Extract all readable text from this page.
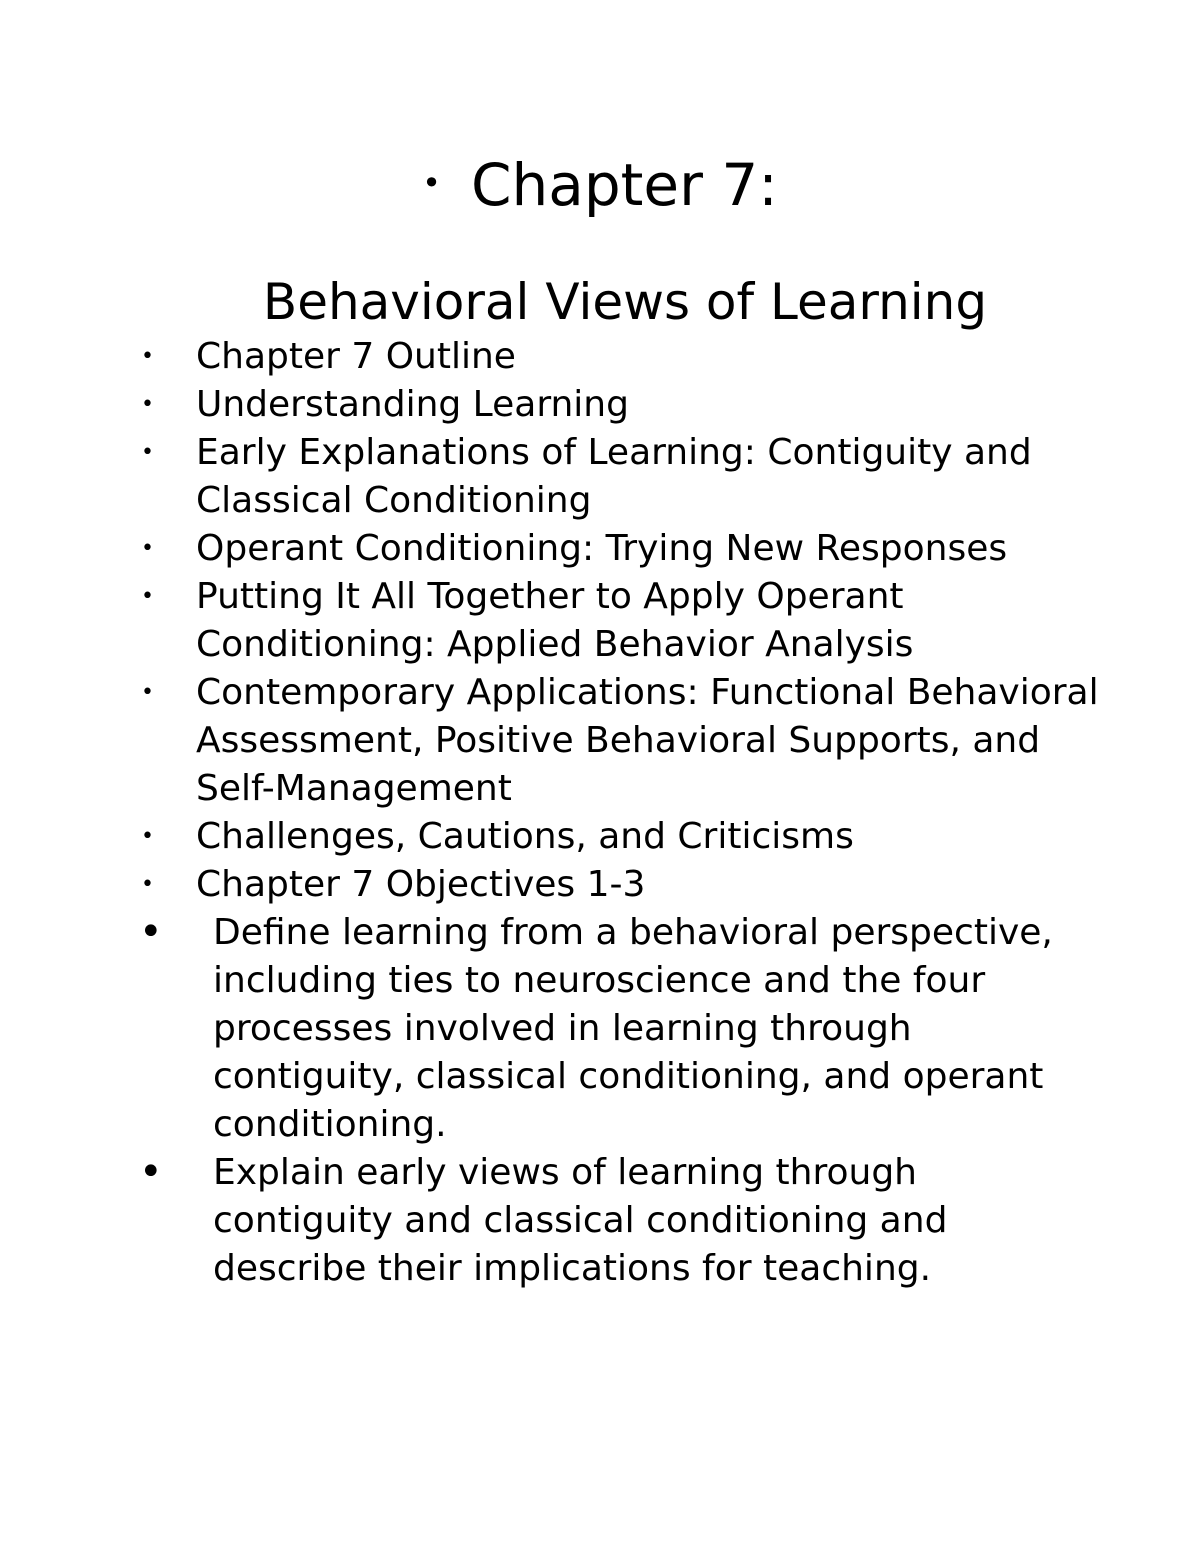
• Chapter 7:
Behavioral Views of Learning
• Chapter 7 Outline
• Understanding Learning
• Early Explanations of Learning: Contiguity and Classical Conditioning
• Operant Conditioning: Trying New Responses
• Putting It All Together to Apply Operant Conditioning: Applied Behavior Analysis
• Contemporary Applications: Functional Behavioral Assessment, Positive Behavioral Supports, and Self-Management
• Challenges, Cautions, and Criticisms
• Chapter 7 Objectives 1-3
• Define learning from a behavioral perspective, including ties to neuroscience and the four processes involved in learning through contiguity, classical conditioning, and operant conditioning.
• Explain early views of learning through contiguity and classical conditioning and describe their implications for teaching.
